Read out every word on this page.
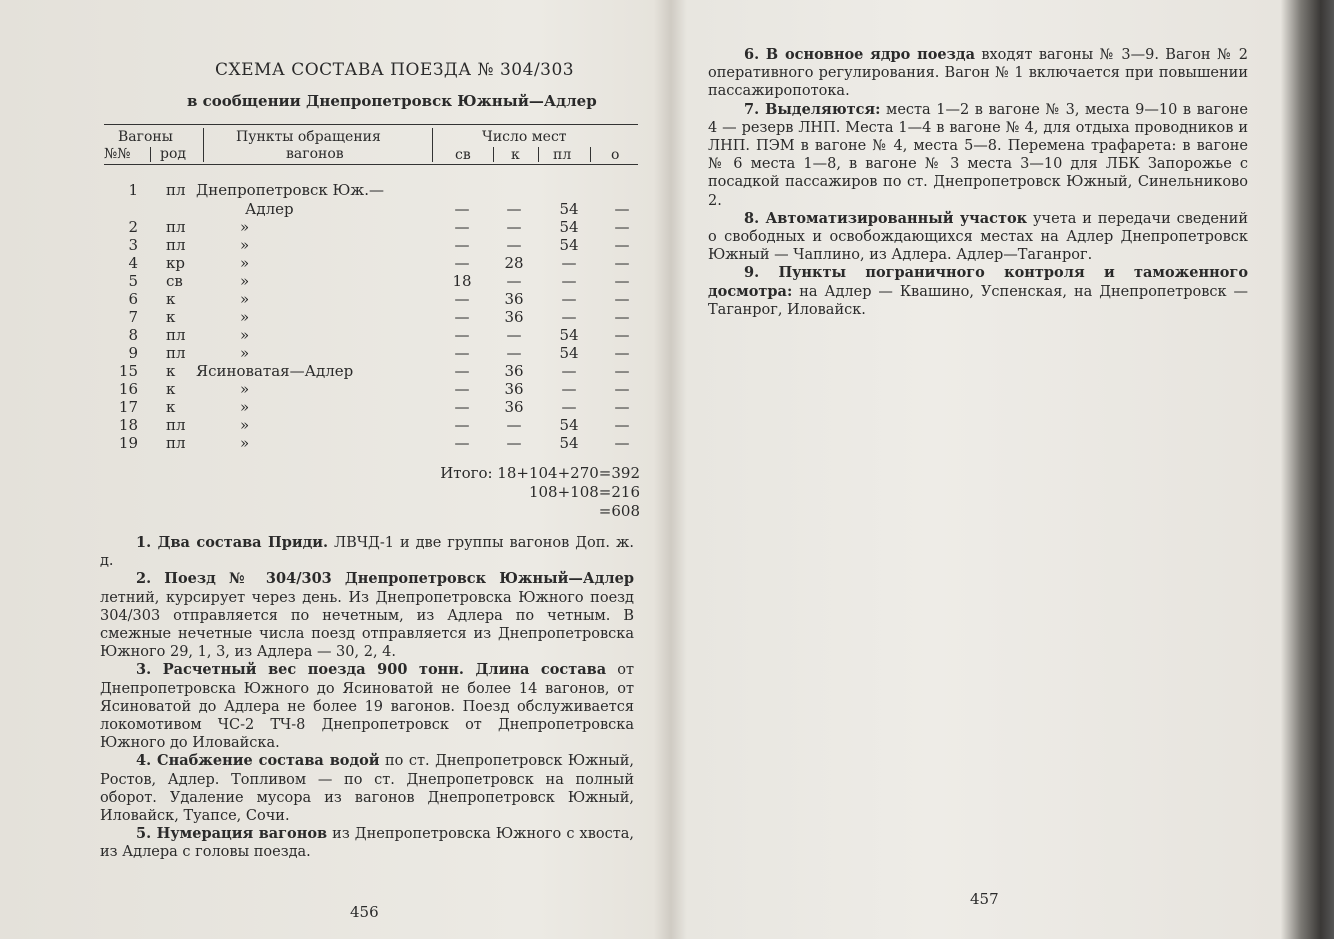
СХЕМА СОСТАВА ПОЕЗДА № 304/303
в сообщении Днепропетровск Южный—Адлер
Вагоны
№№ род
Пункты обращения
вагонов
Число мест
св	к пл	о
1 пл Днепропетровск Юж.—
Адлер	—	—	54 —
2 пл	»	—	—	54 —
3 пл	»	—	—	54 —
4 кр	»	—	28	—	—
5 св	»	18	—	—	—
6 к	»	—	36	—	—
7 к	»	—	36	—	—
8 пл	»	—	—	54 —
9 пл	»	—	—	54 —
15 к Ясиноватая—Адлер	—	36	—	—
16 к	»	—	36	—	—
17 к	»	—	36	—	—
18 пл	»	—	—	54 —
19 пл	»	—	—	54 —
Итого: 18+104+270=392
108+108=216
=608

1. Два состава Приди. ЛВЧД-1 и две группы вагонов Доп. ж. д.

2. Поезд № 304/303 Днепропетровск Южный—Адлер летний, курсирует через день. Из Днепропетровска Южного поезд 304/303 отправляется по нечетным, из Адлера по четным. В смежные нечетные числа поезд отправляется из Днепропетровска Южного 29, 1, 3, из Адлера — 30, 2, 4.

3. Расчетный вес поезда 900 тонн. Длина состава от Днепропетровска Южного до Ясиноватой не более 14 вагонов, от Ясиноватой до Адлера не более 19 вагонов. Поезд обслуживается локомотивом ЧС-2 ТЧ-8 Днепропетровск от Днепропетровска Южного до Иловайска.

4. Снабжение состава водой по ст. Днепропетровск Южный, Ростов, Адлер. Топливом — по ст. Днепропетровск на полный оборот. Удаление мусора из вагонов Днепропетровск Южный, Иловайск, Туапсе, Сочи.

5. Нумерация вагонов из Днепропетровска Южного с хвоста, из Адлера с головы поезда.

456

6. В основное ядро поезда входят вагоны № 3—9. Вагон № 2 оперативного регулирования. Вагон № 1 включается при повышении пассажиропотока.

7. Выделяются: места 1—2 в вагоне № 3, места 9—10 в вагоне 4 — резерв ЛНП. Места 1—4 в вагоне № 4, для отдыха проводников и ЛНП. ПЭМ в вагоне № 4, места 5—8. Перемена трафарета: в вагоне № 6 места 1—8, в вагоне № 3 места 3—10 для ЛБК Запорожье с посадкой пассажиров по ст. Днепропетровск Южный, Синельниково 2.

8. Автоматизированный участок учета и передачи сведений о свободных и освобождающихся местах на Адлер Днепропетровск Южный — Чаплино, из Адлера. Адлер—Таганрог.

9. Пункты пограничного контроля и таможенного досмотра: на Адлер — Квашино, Успенская, на Днепропетровск — Таганрог, Иловайск.

457
